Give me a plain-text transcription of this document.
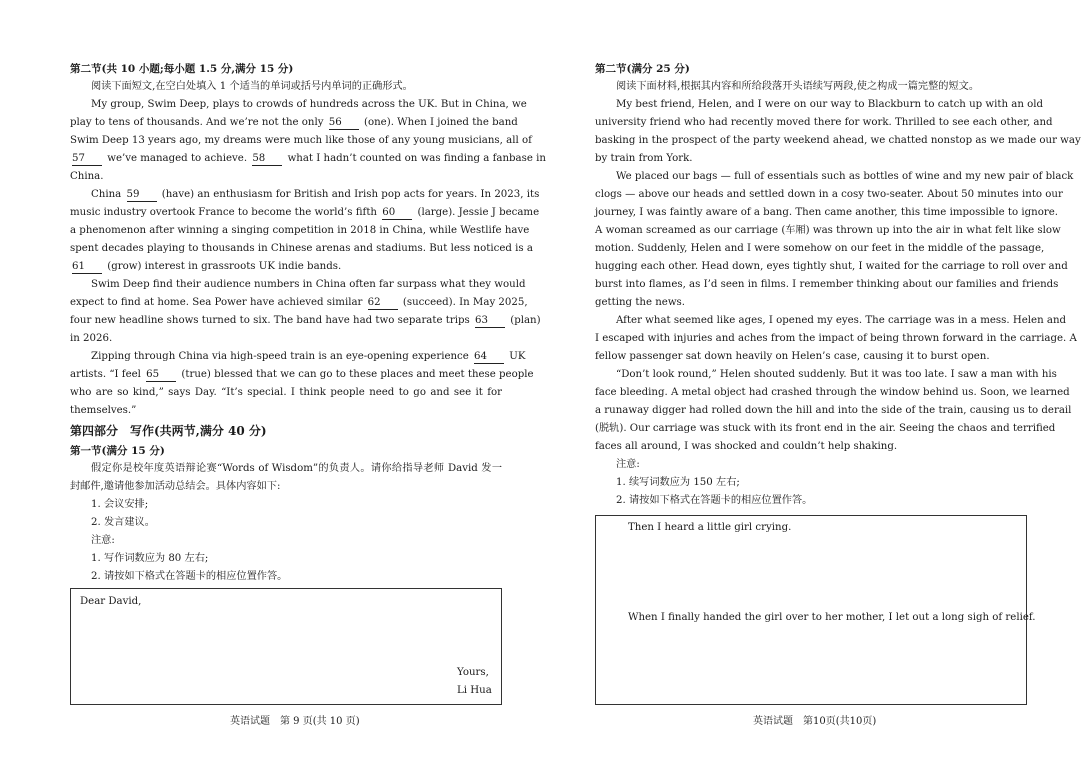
第二节(共 10 小题;每小题 1.5 分,满分 15 分)
阅读下面短文,在空白处填入 1 个适当的单词或括号内单词的正确形式。
My group, Swim Deep, plays to crowds of hundreds across the UK. But in China, we
play to tens of thousands. And we’re not the only 56 (one). When I joined the band
Swim Deep 13 years ago, my dreams were much like those of any young musicians, all of
57 we’ve managed to achieve. 58 what I hadn’t counted on was finding a fanbase in
China.
China 59 (have) an enthusiasm for British and Irish pop acts for years. In 2023, its
music industry overtook France to become the world’s fifth 60 (large). Jessie J became
a phenomenon after winning a singing competition in 2018 in China, while Westlife have
spent decades playing to thousands in Chinese arenas and stadiums. But less noticed is a
61 (grow) interest in grassroots UK indie bands.
Swim Deep find their audience numbers in China often far surpass what they would
expect to find at home. Sea Power have achieved similar 62 (succeed). In May 2025,
four new headline shows turned to six. The band have had two separate trips 63 (plan)
in 2026.
Zipping through China via high-speed train is an eye-opening experience 64 UK
artists. “I feel 65 (true) blessed that we can go to these places and meet these people
who are so kind,” says Day. “It’s special. I think people need to go and see it for
themselves.”
第四部分　写作(共两节,满分 40 分)
第一节(满分 15 分)
假定你是校年度英语辩论赛“Words of Wisdom”的负责人。请你给指导老师 David 发一
封邮件,邀请他参加活动总结会。具体内容如下:
1. 会议安排;
2. 发言建议。
注意:
1. 写作词数应为 80 左右;
2. 请按如下格式在答题卡的相应位置作答。
Dear David,
Yours,
Li Hua
英语试题　第 9 页(共 10 页)
第二节(满分 25 分)
阅读下面材料,根据其内容和所给段落开头语续写两段,使之构成一篇完整的短文。
My best friend, Helen, and I were on our way to Blackburn to catch up with an old
university friend who had recently moved there for work. Thrilled to see each other, and
basking in the prospect of the party weekend ahead, we chatted nonstop as we made our way
by train from York.
We placed our bags — full of essentials such as bottles of wine and my new pair of black
clogs — above our heads and settled down in a cosy two-seater. About 50 minutes into our
journey, I was faintly aware of a bang. Then came another, this time impossible to ignore.
A woman screamed as our carriage (车厢) was thrown up into the air in what felt like slow
motion. Suddenly, Helen and I were somehow on our feet in the middle of the passage,
hugging each other. Head down, eyes tightly shut, I waited for the carriage to roll over and
burst into flames, as I’d seen in films. I remember thinking about our families and friends
getting the news.
After what seemed like ages, I opened my eyes. The carriage was in a mess. Helen and
I escaped with injuries and aches from the impact of being thrown forward in the carriage. A
fellow passenger sat down heavily on Helen’s case, causing it to burst open.
“Don’t look round,” Helen shouted suddenly. But it was too late. I saw a man with his
face bleeding. A metal object had crashed through the window behind us. Soon, we learned
a runaway digger had rolled down the hill and into the side of the train, causing us to derail
(脱轨). Our carriage was stuck with its front end in the air. Seeing the chaos and terrified
faces all around, I was shocked and couldn’t help shaking.
注意:
1. 续写词数应为 150 左右;
2. 请按如下格式在答题卡的相应位置作答。
Then I heard a little girl crying.
When I finally handed the girl over to her mother, I let out a long sigh of relief.
英语试题　第10页(共10页)
